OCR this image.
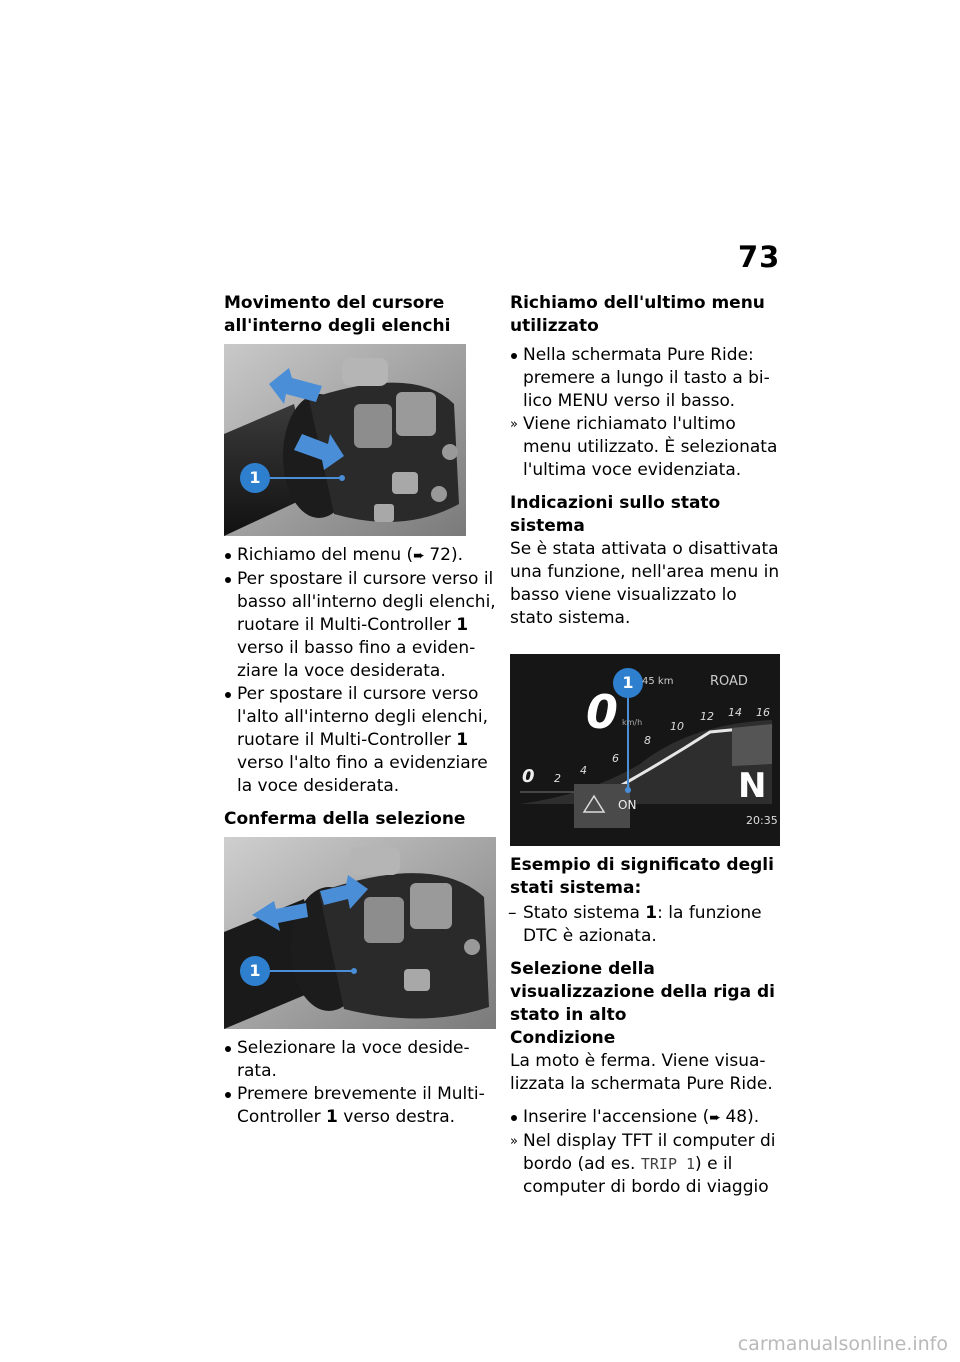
73
Movimento del cursore all'interno degli elenchi
1
Richiamo del menu (➨ 72).
Per spostare il cursore verso il basso all'interno degli elenchi, ruotare il Multi-Controller 1 verso il basso fino a eviden-ziare la voce desiderata.
Per spostare il cursore verso l'alto all'interno degli elenchi, ruotare il Multi-Controller 1 verso l'alto fino a evidenziare la voce desiderata.
Conferma della selezione
1
Selezionare la voce deside-rata.
Premere brevemente il Multi-Controller 1 verso destra.
Richiamo dell'ultimo menu utilizzato
Nella schermata Pure Ride: premere a lungo il tasto a bi-lico MENU verso il basso.
» Viene richiamato l'ultimo menu utilizzato. È selezionata l'ultima voce evidenziata.
Indicazioni sullo stato sistema
Se è stata attivata o disattivata una funzione, nell'area menu in basso viene visualizzato lo stato sistema.
1 45 km	ROAD
0 km/h
N
20:35
ON
0 2
4
6
8
10
12 14 16
Esempio di significato degli stati sistema:
– Stato sistema 1: la funzione DTC è azionata.
Selezione della visualizzazione della riga di stato in alto
Condizione
La moto è ferma. Viene visua-lizzata la schermata Pure Ride.
Inserire l'accensione (➨ 48).
» Nel display TFT il computer di bordo (ad es. TRIP 1) e il computer di bordo di viaggio
carmanualsonline.info
